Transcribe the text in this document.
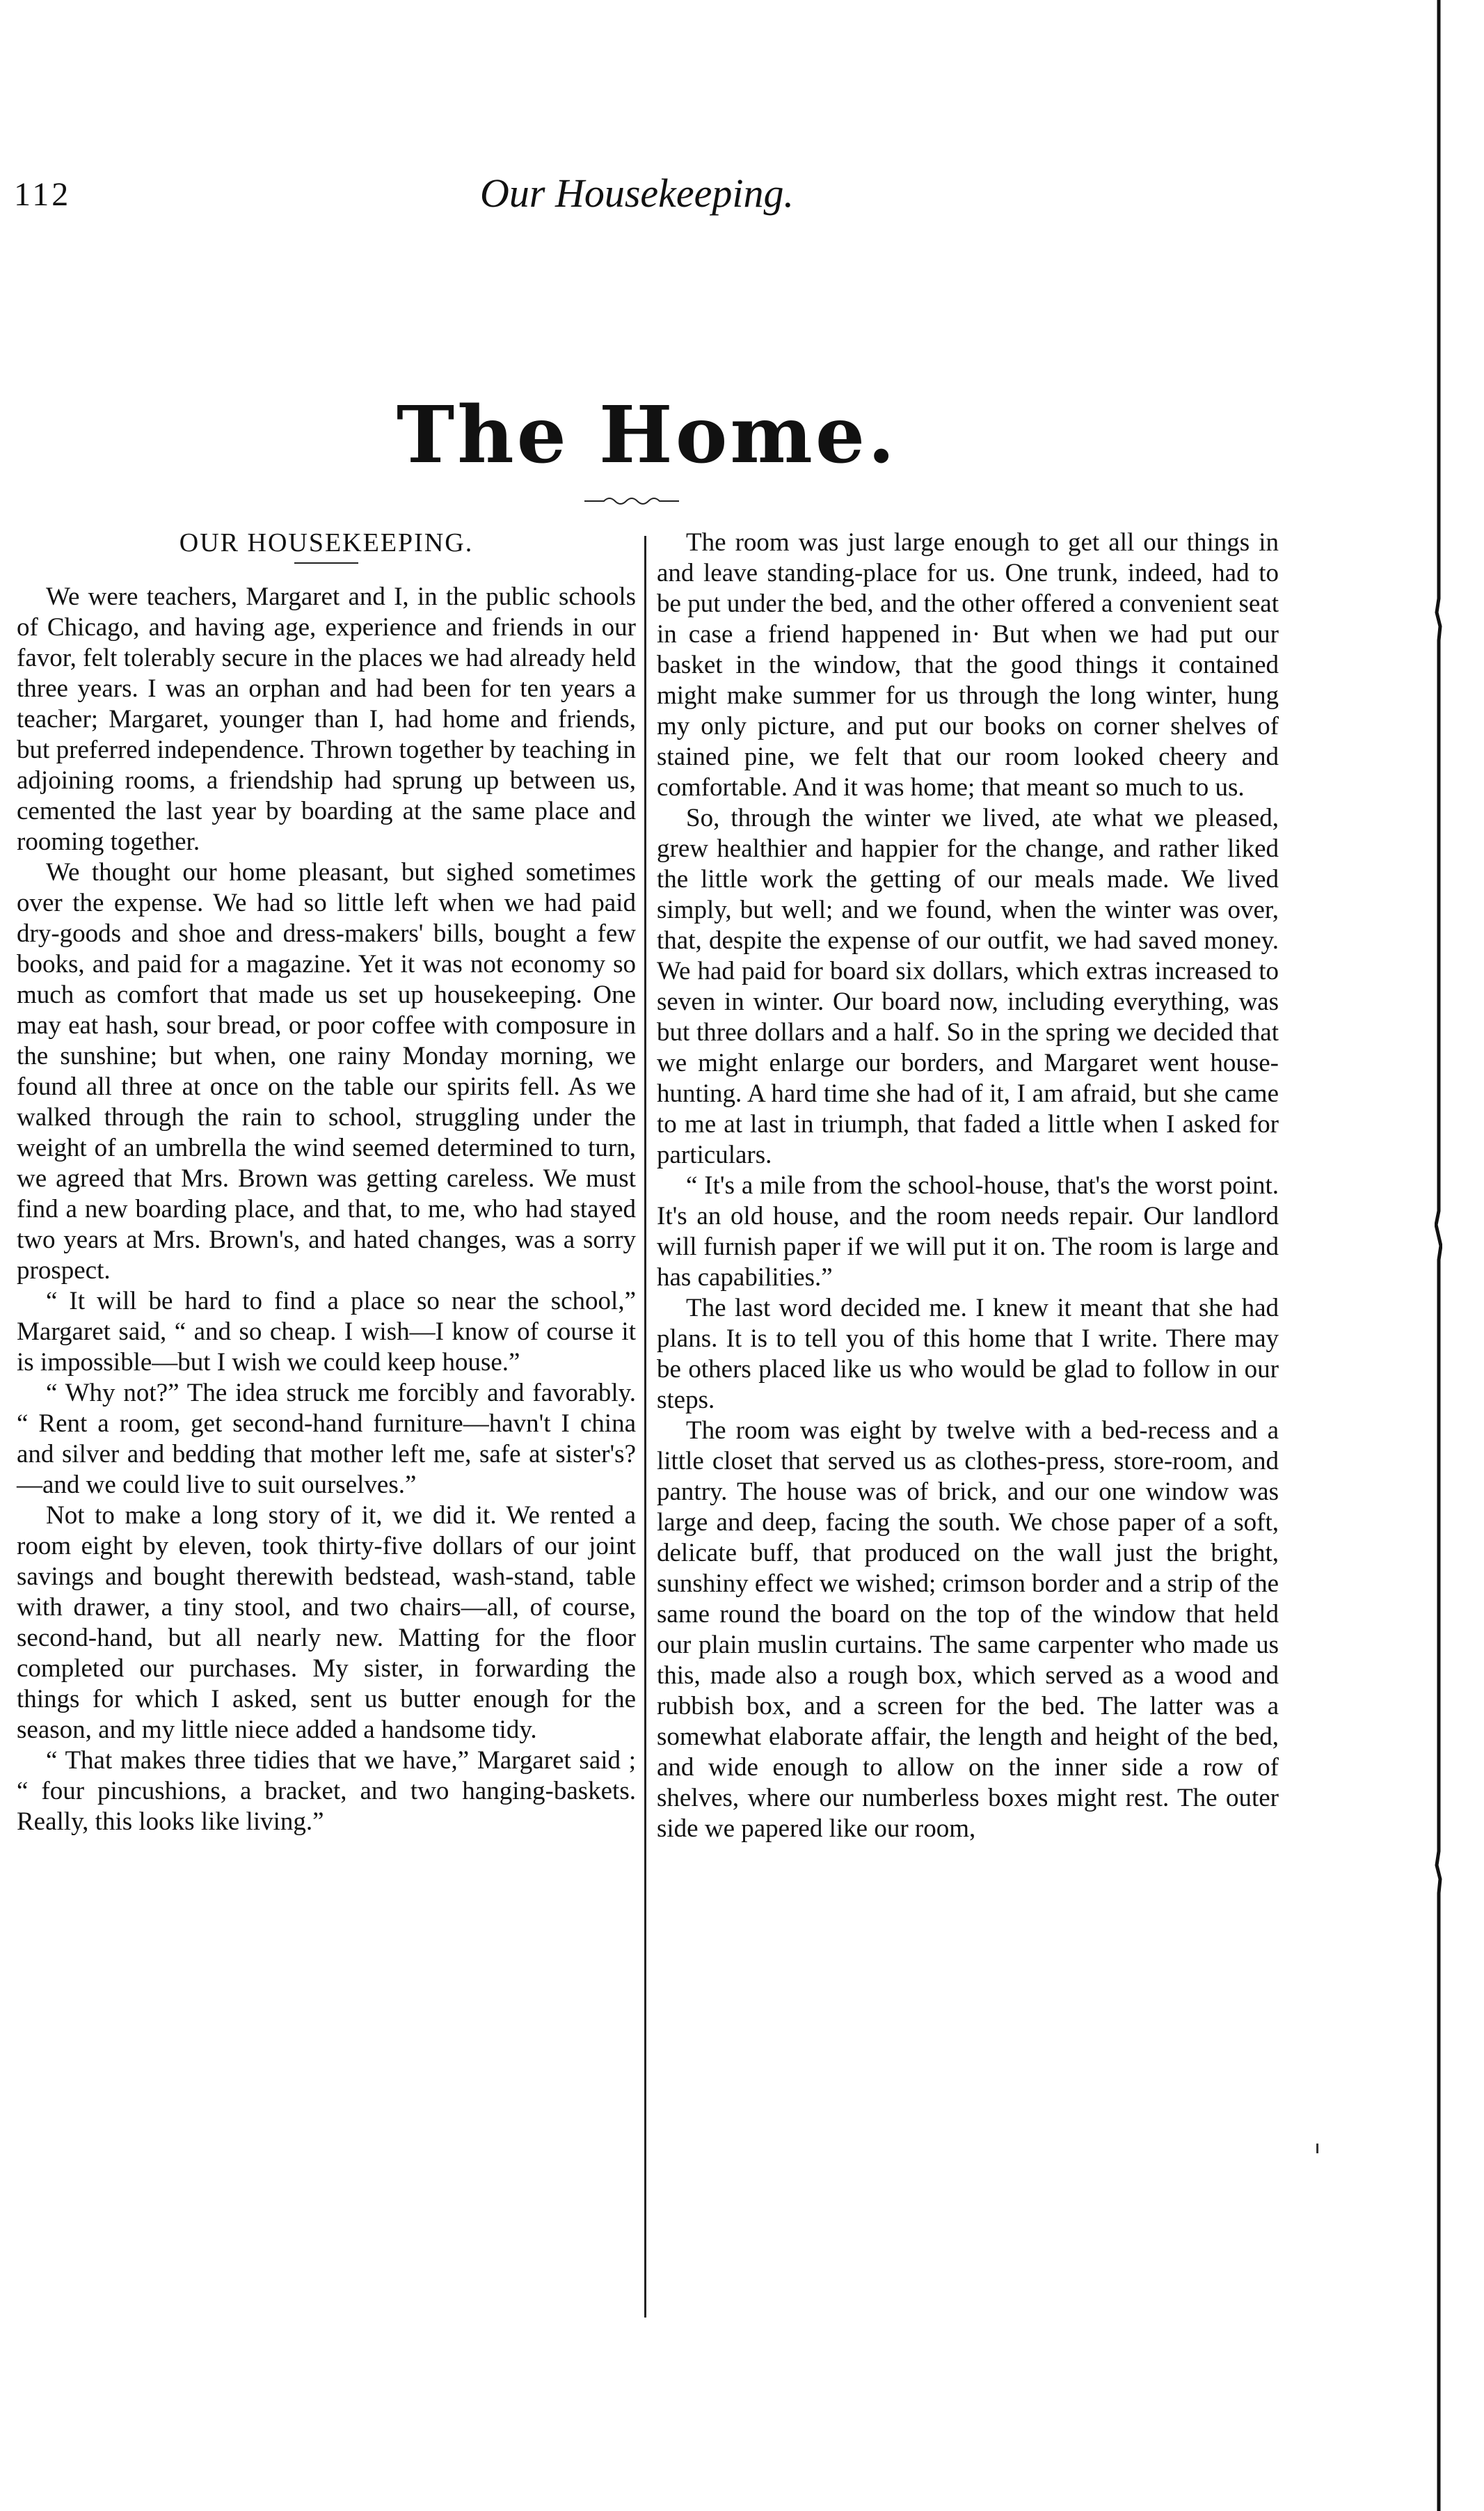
112	Our Housekeeping.
The Home.
OUR HOUSEKEEPING.

We were teachers, Margaret and I, in the public schools of Chicago, and having age, experience and friends in our favor, felt tolerably secure in the places we had already held three years. I was an orphan and had been for ten years a teacher; Margaret, younger than I, had home and friends, but preferred independence. Thrown together by teaching in adjoining rooms, a friendship had sprung up between us, cemented the last year by boarding at the same place and rooming together.

We thought our home pleasant, but sighed sometimes over the expense. We had so little left when we had paid dry-goods and shoe and dress-makers' bills, bought a few books, and paid for a magazine. Yet it was not economy so much as comfort that made us set up housekeeping. One may eat hash, sour bread, or poor coffee with composure in the sunshine; but when, one rainy Monday morning, we found all three at once on the table our spirits fell. As we walked through the rain to school, struggling under the weight of an umbrella the wind seemed determined to turn, we agreed that Mrs. Brown was getting careless. We must find a new boarding place, and that, to me, who had stayed two years at Mrs. Brown's, and hated changes, was a sorry prospect.

“ It will be hard to find a place so near the school,” Margaret said, “ and so cheap. I wish—I know of course it is impossible—but I wish we could keep house.”

“ Why not?” The idea struck me forcibly and favorably. “ Rent a room, get second-hand furniture—havn't I china and silver and bedding that mother left me, safe at sister's?—and we could live to suit ourselves.”

Not to make a long story of it, we did it. We rented a room eight by eleven, took thirty-five dollars of our joint savings and bought therewith bedstead, wash-stand, table with drawer, a tiny stool, and two chairs—all, of course, second-hand, but all nearly new. Matting for the floor completed our purchases. My sister, in forwarding the things for which I asked, sent us butter enough for the season, and my little niece added a handsome tidy.

“ That makes three tidies that we have,” Margaret said ; “ four pincushions, a bracket, and two hanging-baskets. Really, this looks like living.”

The room was just large enough to get all our things in and leave standing-place for us. One trunk, indeed, had to be put under the bed, and the other offered a convenient seat in case a friend happened in· But when we had put our basket in the window, that the good things it contained might make summer for us through the long winter, hung my only picture, and put our books on corner shelves of stained pine, we felt that our room looked cheery and comfortable. And it was home; that meant so much to us.

So, through the winter we lived, ate what we pleased, grew healthier and happier for the change, and rather liked the little work the getting of our meals made. We lived simply, but well; and we found, when the winter was over, that, despite the expense of our outfit, we had saved money. We had paid for board six dollars, which extras increased to seven in winter. Our board now, including everything, was but three dollars and a half. So in the spring we decided that we might enlarge our borders, and Margaret went house-hunting. A hard time she had of it, I am afraid, but she came to me at last in triumph, that faded a little when I asked for particulars.

“ It's a mile from the school-house, that's the worst point. It's an old house, and the room needs repair. Our landlord will furnish paper if we will put it on. The room is large and has capabilities.”

The last word decided me. I knew it meant that she had plans. It is to tell you of this home that I write. There may be others placed like us who would be glad to follow in our steps.

The room was eight by twelve with a bed-recess and a little closet that served us as clothes-press, store-room, and pantry. The house was of brick, and our one window was large and deep, facing the south. We chose paper of a soft, delicate buff, that produced on the wall just the bright, sunshiny effect we wished; crimson border and a strip of the same round the board on the top of the window that held our plain muslin curtains. The same carpenter who made us this, made also a rough box, which served as a wood and rubbish box, and a screen for the bed. The latter was a somewhat elaborate affair, the length and height of the bed, and wide enough to allow on the inner side a row of shelves, where our numberless boxes might rest. The outer side we papered like our room,
